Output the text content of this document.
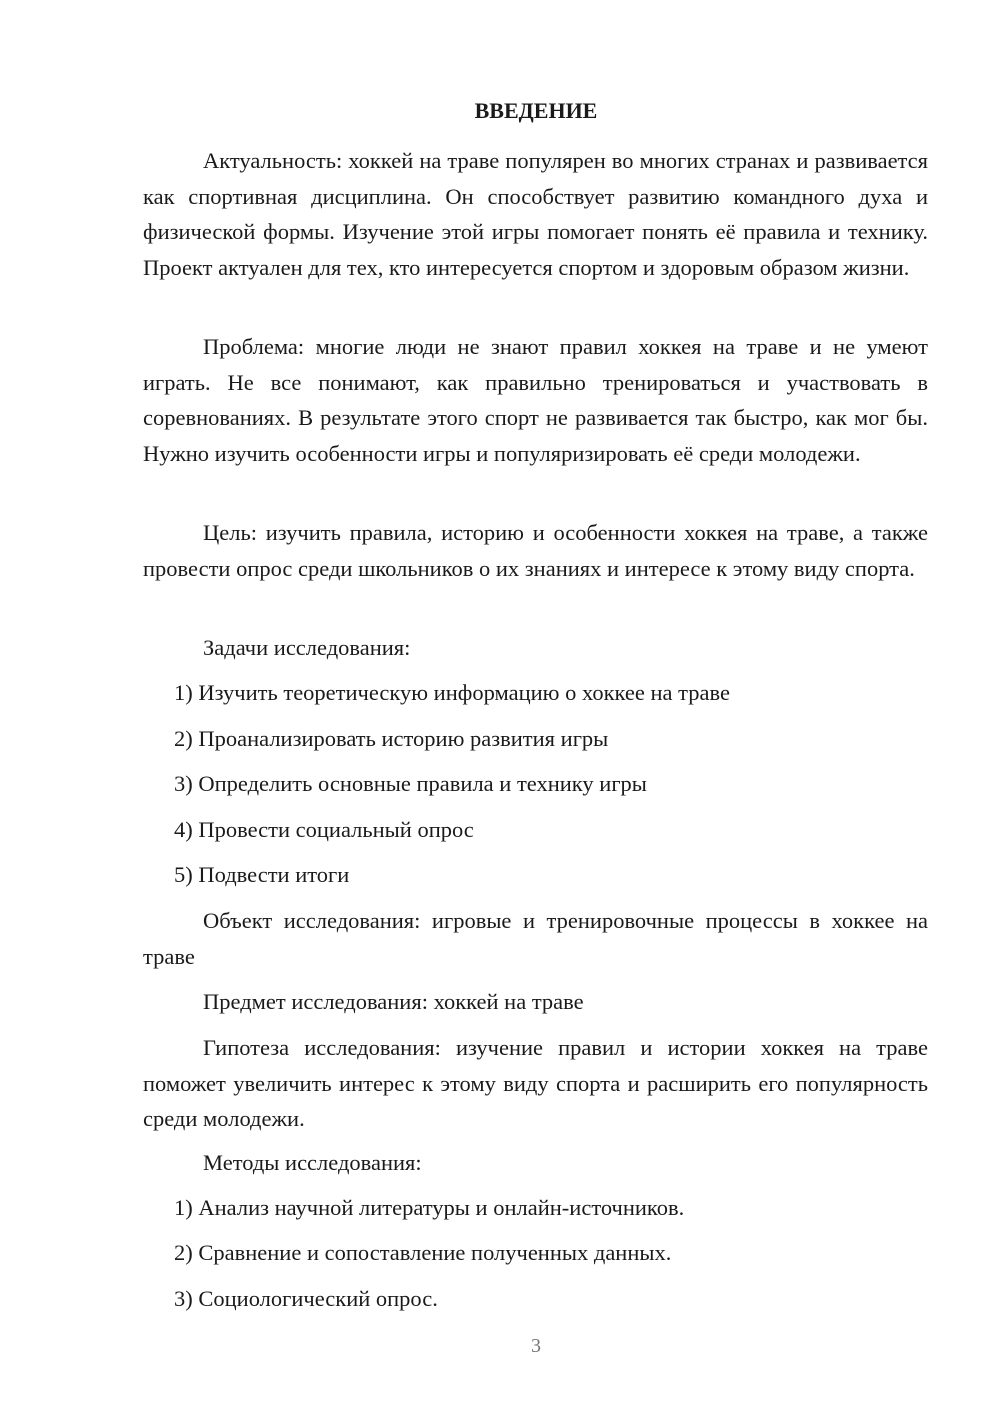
ВВЕДЕНИЕ

Актуальность: хоккей на траве популярен во многих странах и развивается как спортивная дисциплина. Он способствует развитию командного духа и физической формы. Изучение этой игры помогает понять её правила и технику. Проект актуален для тех, кто интересуется спортом и здоровым образом жизни.

Проблема: многие люди не знают правил хоккея на траве и не умеют играть. Не все понимают, как правильно тренироваться и участвовать в соревнованиях. В результате этого спорт не развивается так быстро, как мог бы. Нужно изучить особенности игры и популяризировать её среди молодежи.

Цель: изучить правила, историю и особенности хоккея на траве, а также провести опрос среди школьников о их знаниях и интересе к этому виду спорта.

Задачи исследования:

1) Изучить теоретическую информацию о хоккее на траве

2) Проанализировать историю развития игры

3) Определить основные правила и технику игры

4) Провести социальный опрос

5) Подвести итоги

Объект исследования: игровые и тренировочные процессы в хоккее на траве

Предмет исследования: хоккей на траве

Гипотеза исследования: изучение правил и истории хоккея на траве поможет увеличить интерес к этому виду спорта и расширить его популярность среди молодежи.

Методы исследования:

1) Анализ научной литературы и онлайн-источников.

2) Сравнение и сопоставление полученных данных.

3) Социологический опрос.

3
